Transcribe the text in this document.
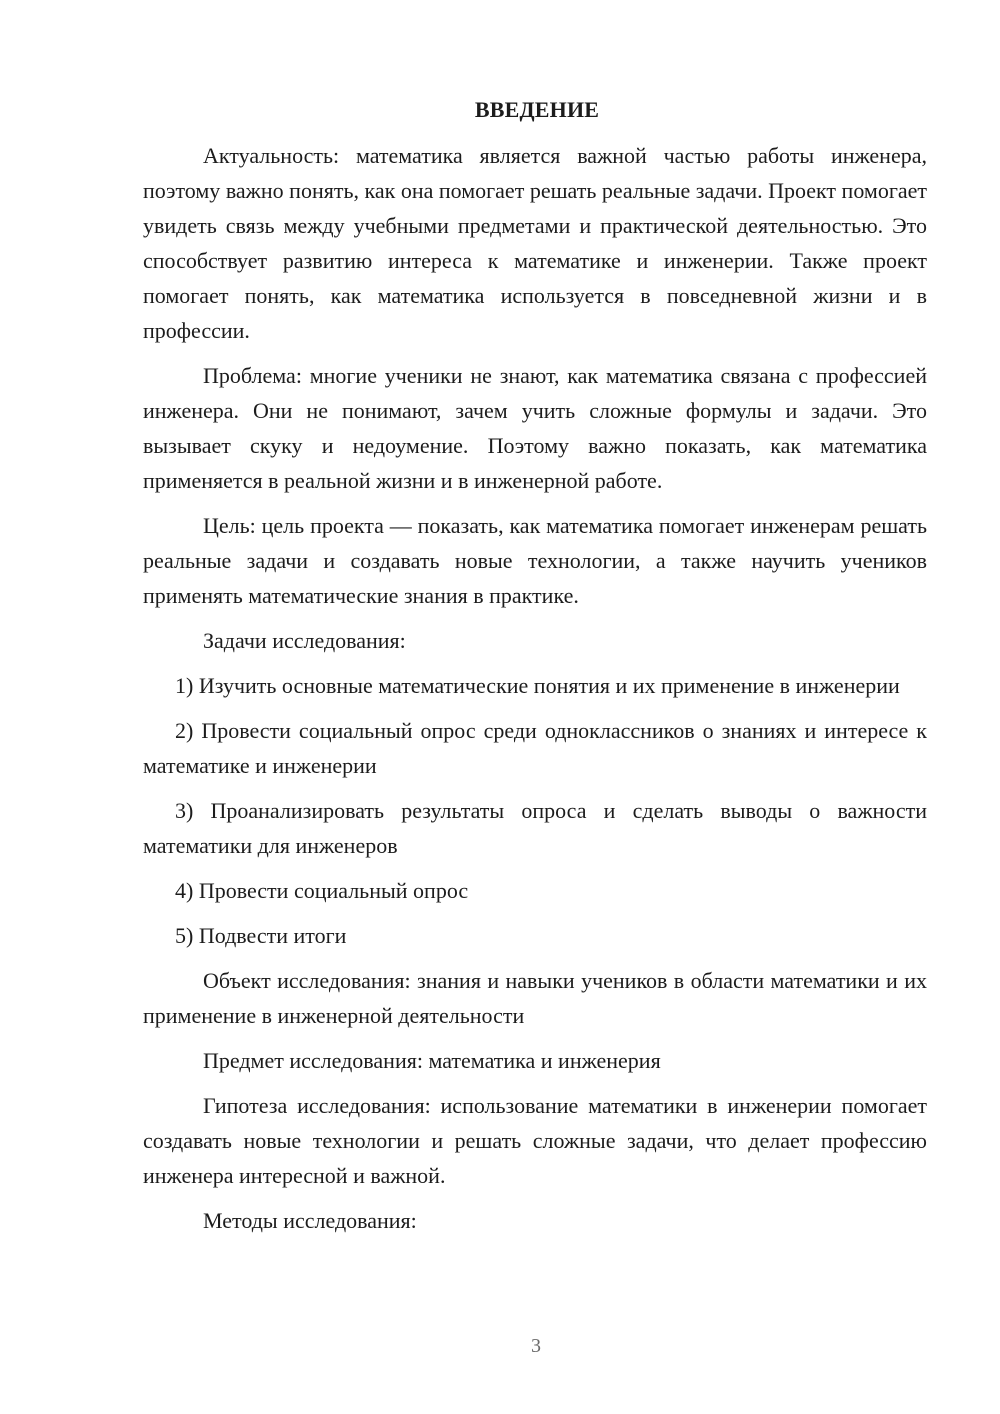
ВВЕДЕНИЕ

Актуальность: математика является важной частью работы инженера, поэтому важно понять, как она помогает решать реальные задачи. Проект помогает увидеть связь между учебными предметами и практической деятельностью. Это способствует развитию интереса к математике и инженерии. Также проект помогает понять, как математика используется в повседневной жизни и в профессии.

Проблема: многие ученики не знают, как математика связана с профессией инженера. Они не понимают, зачем учить сложные формулы и задачи. Это вызывает скуку и недоумение. Поэтому важно показать, как математика применяется в реальной жизни и в инженерной работе.

Цель: цель проекта — показать, как математика помогает инженерам решать реальные задачи и создавать новые технологии, а также научить учеников применять математические знания в практике.

Задачи исследования:

1) Изучить основные математические понятия и их применение в инженерии

2) Провести социальный опрос среди одноклассников о знаниях и интересе к математике и инженерии

3) Проанализировать результаты опроса и сделать выводы о важности математики для инженеров

4) Провести социальный опрос

5) Подвести итоги

Объект исследования: знания и навыки учеников в области математики и их применение в инженерной деятельности

Предмет исследования: математика и инженерия

Гипотеза исследования: использование математики в инженерии помогает создавать новые технологии и решать сложные задачи, что делает профессию инженера интересной и важной.

Методы исследования:

3
